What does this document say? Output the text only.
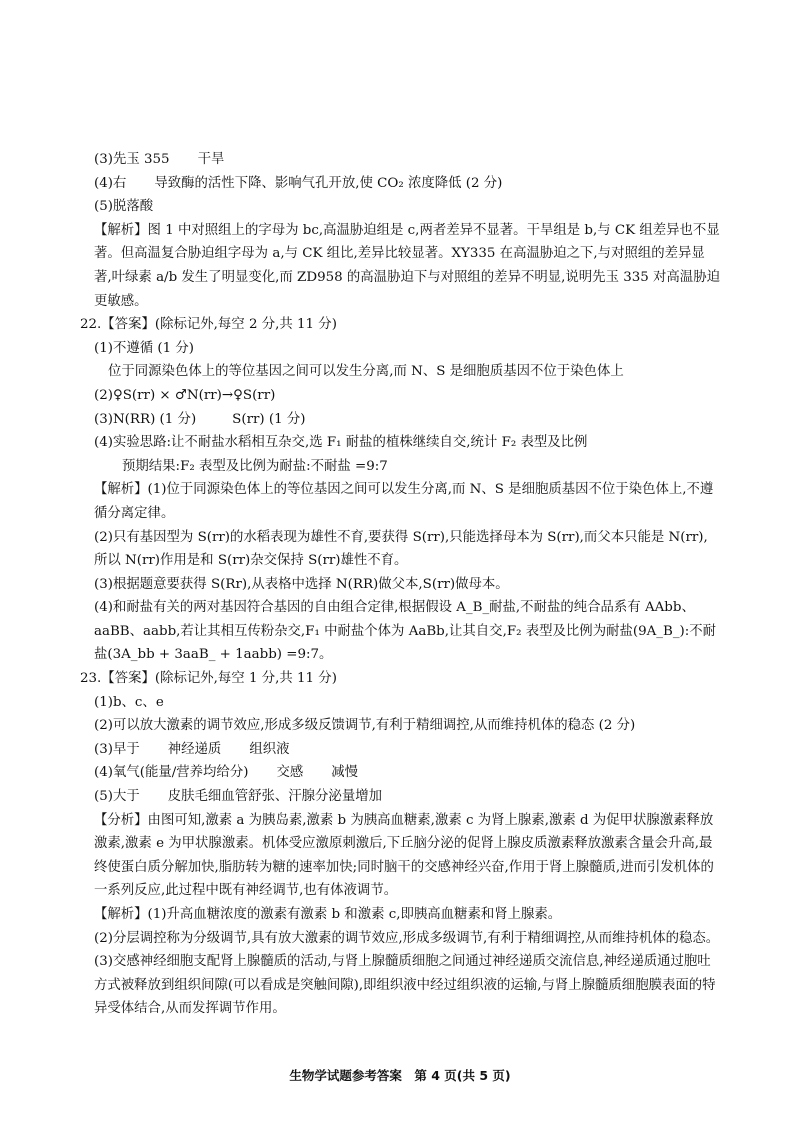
(3)先玉 355 干旱

(4)右 导致酶的活性下降、影响气孔开放,使 CO₂ 浓度降低 (2 分)

(5)脱落酸

【解析】图 1 中对照组上的字母为 bc,高温胁迫组是 c,两者差异不显著。干旱组是 b,与 CK 组差异也不显著。但高温复合胁迫组字母为 a,与 CK 组比,差异比较显著。XY335 在高温胁迫之下,与对照组的差异显著,叶绿素 a/b 发生了明显变化,而 ZD958 的高温胁迫下与对照组的差异不明显,说明先玉 335 对高温胁迫更敏感。

22.【答案】(除标记外,每空 2 分,共 11 分)

(1)不遵循 (1 分)

位于同源染色体上的等位基因之间可以发生分离,而 N、S 是细胞质基因不位于染色体上

(2)♀S(rr) × ♂N(rr)→♀S(rr)

(3)N(RR) (1 分)	S(rr) (1 分)

(4)实验思路:让不耐盐水稻相互杂交,选 F₁ 耐盐的植株继续自交,统计 F₂ 表型及比例

预期结果:F₂ 表型及比例为耐盐:不耐盐 =9:7

【解析】(1)位于同源染色体上的等位基因之间可以发生分离,而 N、S 是细胞质基因不位于染色体上,不遵循分离定律。

(2)只有基因型为 S(rr)的水稻表现为雄性不育,要获得 S(rr),只能选择母本为 S(rr),而父本只能是 N(rr),所以 N(rr)作用是和 S(rr)杂交保持 S(rr)雄性不育。

(3)根据题意要获得 S(Rr),从表格中选择 N(RR)做父本,S(rr)做母本。

(4)和耐盐有关的两对基因符合基因的自由组合定律,根据假设 A_B_耐盐,不耐盐的纯合品系有 AAbb、aaBB、aabb,若让其相互传粉杂交,F₁ 中耐盐个体为 AaBb,让其自交,F₂ 表型及比例为耐盐(9A_B_):不耐盐(3A_bb + 3aaB_ + 1aabb) =9:7。

23.【答案】(除标记外,每空 1 分,共 11 分)

(1)b、c、e

(2)可以放大激素的调节效应,形成多级反馈调节,有利于精细调控,从而维持机体的稳态 (2 分)

(3)早于 神经递质 组织液

(4)氧气(能量/营养均给分) 交感 减慢

(5)大于 皮肤毛细血管舒张、汗腺分泌量增加

【分析】由图可知,激素 a 为胰岛素,激素 b 为胰高血糖素,激素 c 为肾上腺素,激素 d 为促甲状腺激素释放激素,激素 e 为甲状腺激素。机体受应激原刺激后,下丘脑分泌的促肾上腺皮质激素释放激素含量会升高,最终使蛋白质分解加快,脂肪转为糖的速率加快;同时脑干的交感神经兴奋,作用于肾上腺髓质,进而引发机体的一系列反应,此过程中既有神经调节,也有体液调节。

【解析】(1)升高血糖浓度的激素有激素 b 和激素 c,即胰高血糖素和肾上腺素。

(2)分层调控称为分级调节,具有放大激素的调节效应,形成多级调节,有利于精细调控,从而维持机体的稳态。

(3)交感神经细胞支配肾上腺髓质的活动,与肾上腺髓质细胞之间通过神经递质交流信息,神经递质通过胞吐方式被释放到组织间隙(可以看成是突触间隙),即组织液中经过组织液的运输,与肾上腺髓质细胞膜表面的特异受体结合,从而发挥调节作用。

生物学试题参考答案　第 4 页(共 5 页)
